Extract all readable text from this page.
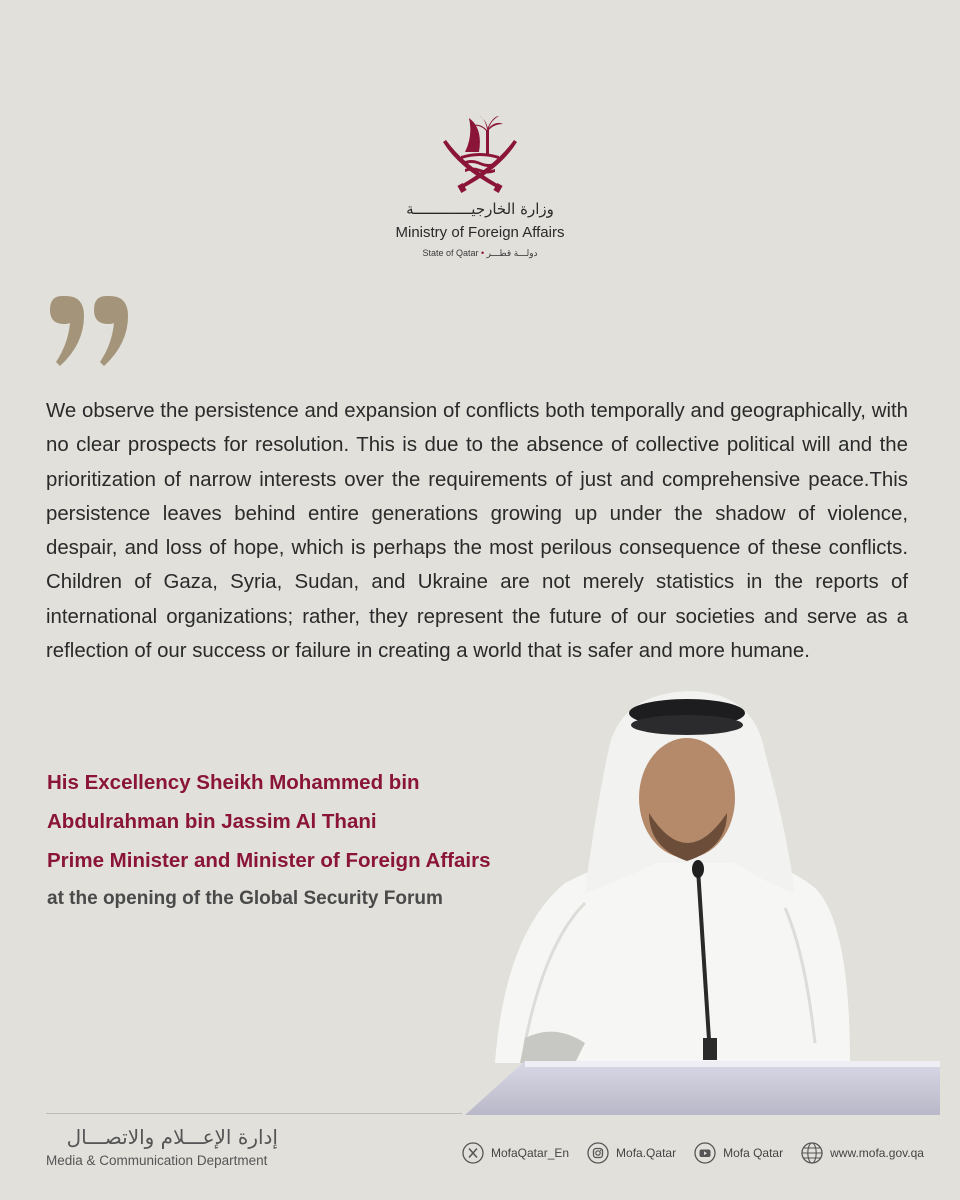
وزارة الخارجيـــــــــــــة
Ministry of Foreign Affairs
State of Qatar • دولـــة قطـــر

We observe the persistence and expansion of conflicts both temporally and geographically, with no clear prospects for resolution. This is due to the absence of collective political will and the prioritization of narrow interests over the requirements of just and comprehensive peace.This persistence leaves behind entire generations growing up under the shadow of violence, despair, and loss of hope, which is perhaps the most perilous consequence of these conflicts. Children of Gaza, Syria, Sudan, and Ukraine are not merely statistics in the reports of international organizations; rather, they represent the future of our societies and serve as a reflection of our success or failure in creating a world that is safer and more humane.

His Excellency Sheikh Mohammed bin

Abdulrahman bin Jassim Al Thani

Prime Minister and Minister of Foreign Affairs

at the opening of the Global Security Forum

إدارة الإعـــلام والاتصـــال
Media & Communication Department	MofaQatar_En	Mofa.Qatar	Mofa Qatar	www.mofa.gov.qa
